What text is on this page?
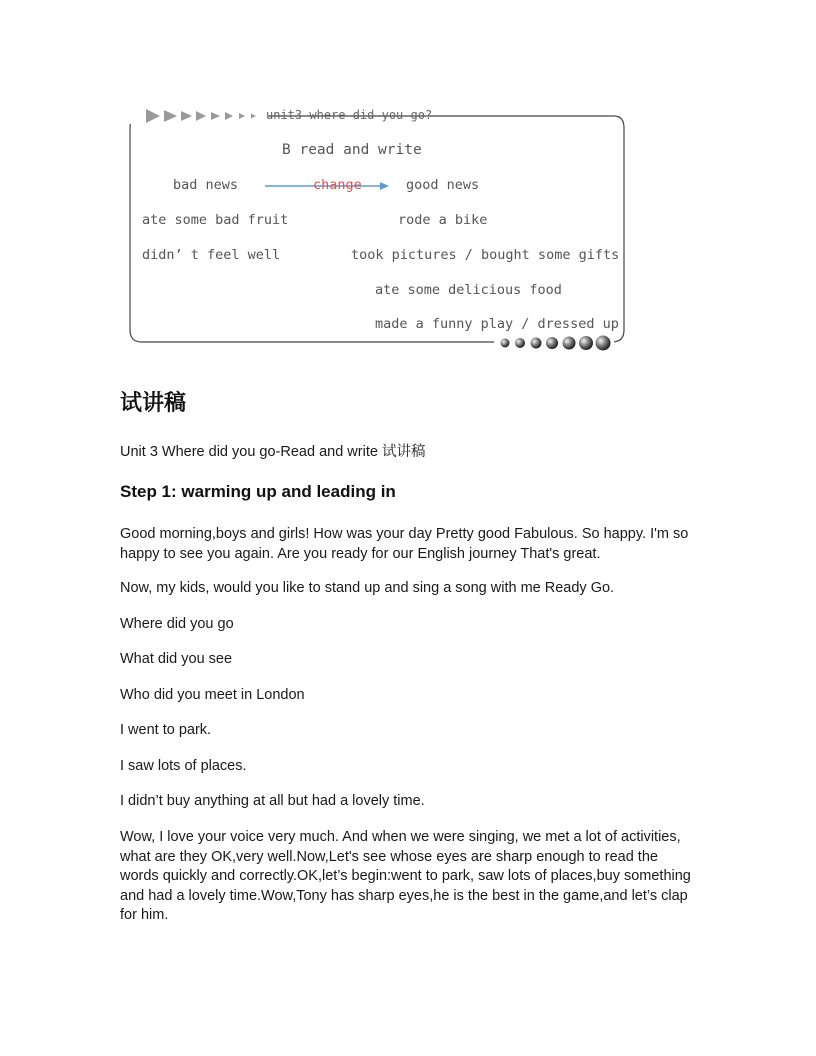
unit3 where did you go?
B read and write
bad news	change	good news
ate some bad fruit
didn’ t feel well
rode a bike
took pictures / bought some gifts
ate some delicious food
made a funny play / dressed up
试讲稿

Unit 3 Where did you go-Read and write 试讲稿

Step 1: warming up and leading in

Good morning,boys and girls! How was your day Pretty good Fabulous. So happy. I'm so happy to see you again. Are you ready for our English journey That's great.

Now, my kids, would you like to stand up and sing a song with me Ready Go.

Where did you go

What did you see

Who did you meet in London

I went to park.

I saw lots of places.

I didn’t buy anything at all but had a lovely time.

Wow, I love your voice very much. And when we were singing, we met a lot of activities, what are they OK,very well.Now,Let's see whose eyes are sharp enough to read the words quickly and correctly.OK,let’s begin:went to park, saw lots of places,buy something and had a lovely time.Wow,Tony has sharp eyes,he is the best in the game,and let’s clap for him.
